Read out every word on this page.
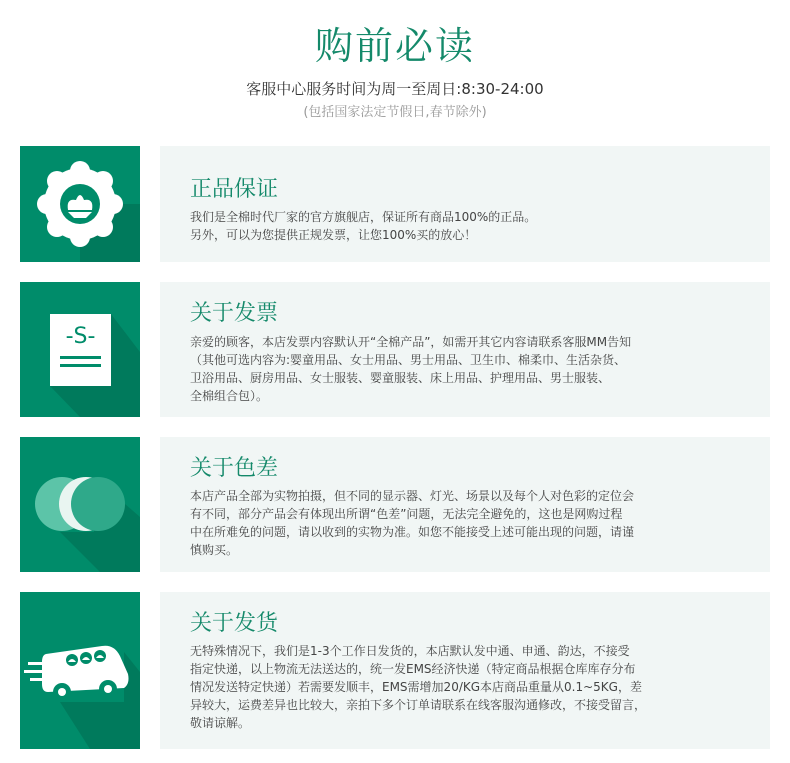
购前必读
客服中心服务时间为周一至周日:8:30-24:00
(包括国家法定节假日,春节除外)
正品保证
我们是全棉时代厂家的官方旗舰店，保证所有商品100%的正品。
另外，可以为您提供正规发票，让您100%买的放心！
-S-
关于发票
亲爱的顾客，本店发票内容默认开“全棉产品”，如需开其它内容请联系客服MM告知
（其他可选内容为:婴童用品、女士用品、男士用品、卫生巾、棉柔巾、生活杂货、
卫浴用品、厨房用品、女士服装、婴童服装、床上用品、护理用品、男士服装、
全棉组合包）。
关于色差
本店产品全部为实物拍摄，但不同的显示器、灯光、场景以及每个人对色彩的定位会
有不同，部分产品会有体现出所谓“色差”问题，无法完全避免的，这也是网购过程
中在所难免的问题，请以收到的实物为准。如您不能接受上述可能出现的问题，请谨
慎购买。
关于发货
无特殊情况下，我们是1-3个工作日发货的，本店默认发中通、申通、韵达，不接受
指定快递，以上物流无法送达的，统一发EMS经济快递（特定商品根据仓库库存分布
情况发送特定快递）若需要发顺丰，EMS需增加20/KG本店商品重量从0.1~5KG，差
异较大，运费差异也比较大，亲拍下多个订单请联系在线客服沟通修改，不接受留言，
敬请谅解。
